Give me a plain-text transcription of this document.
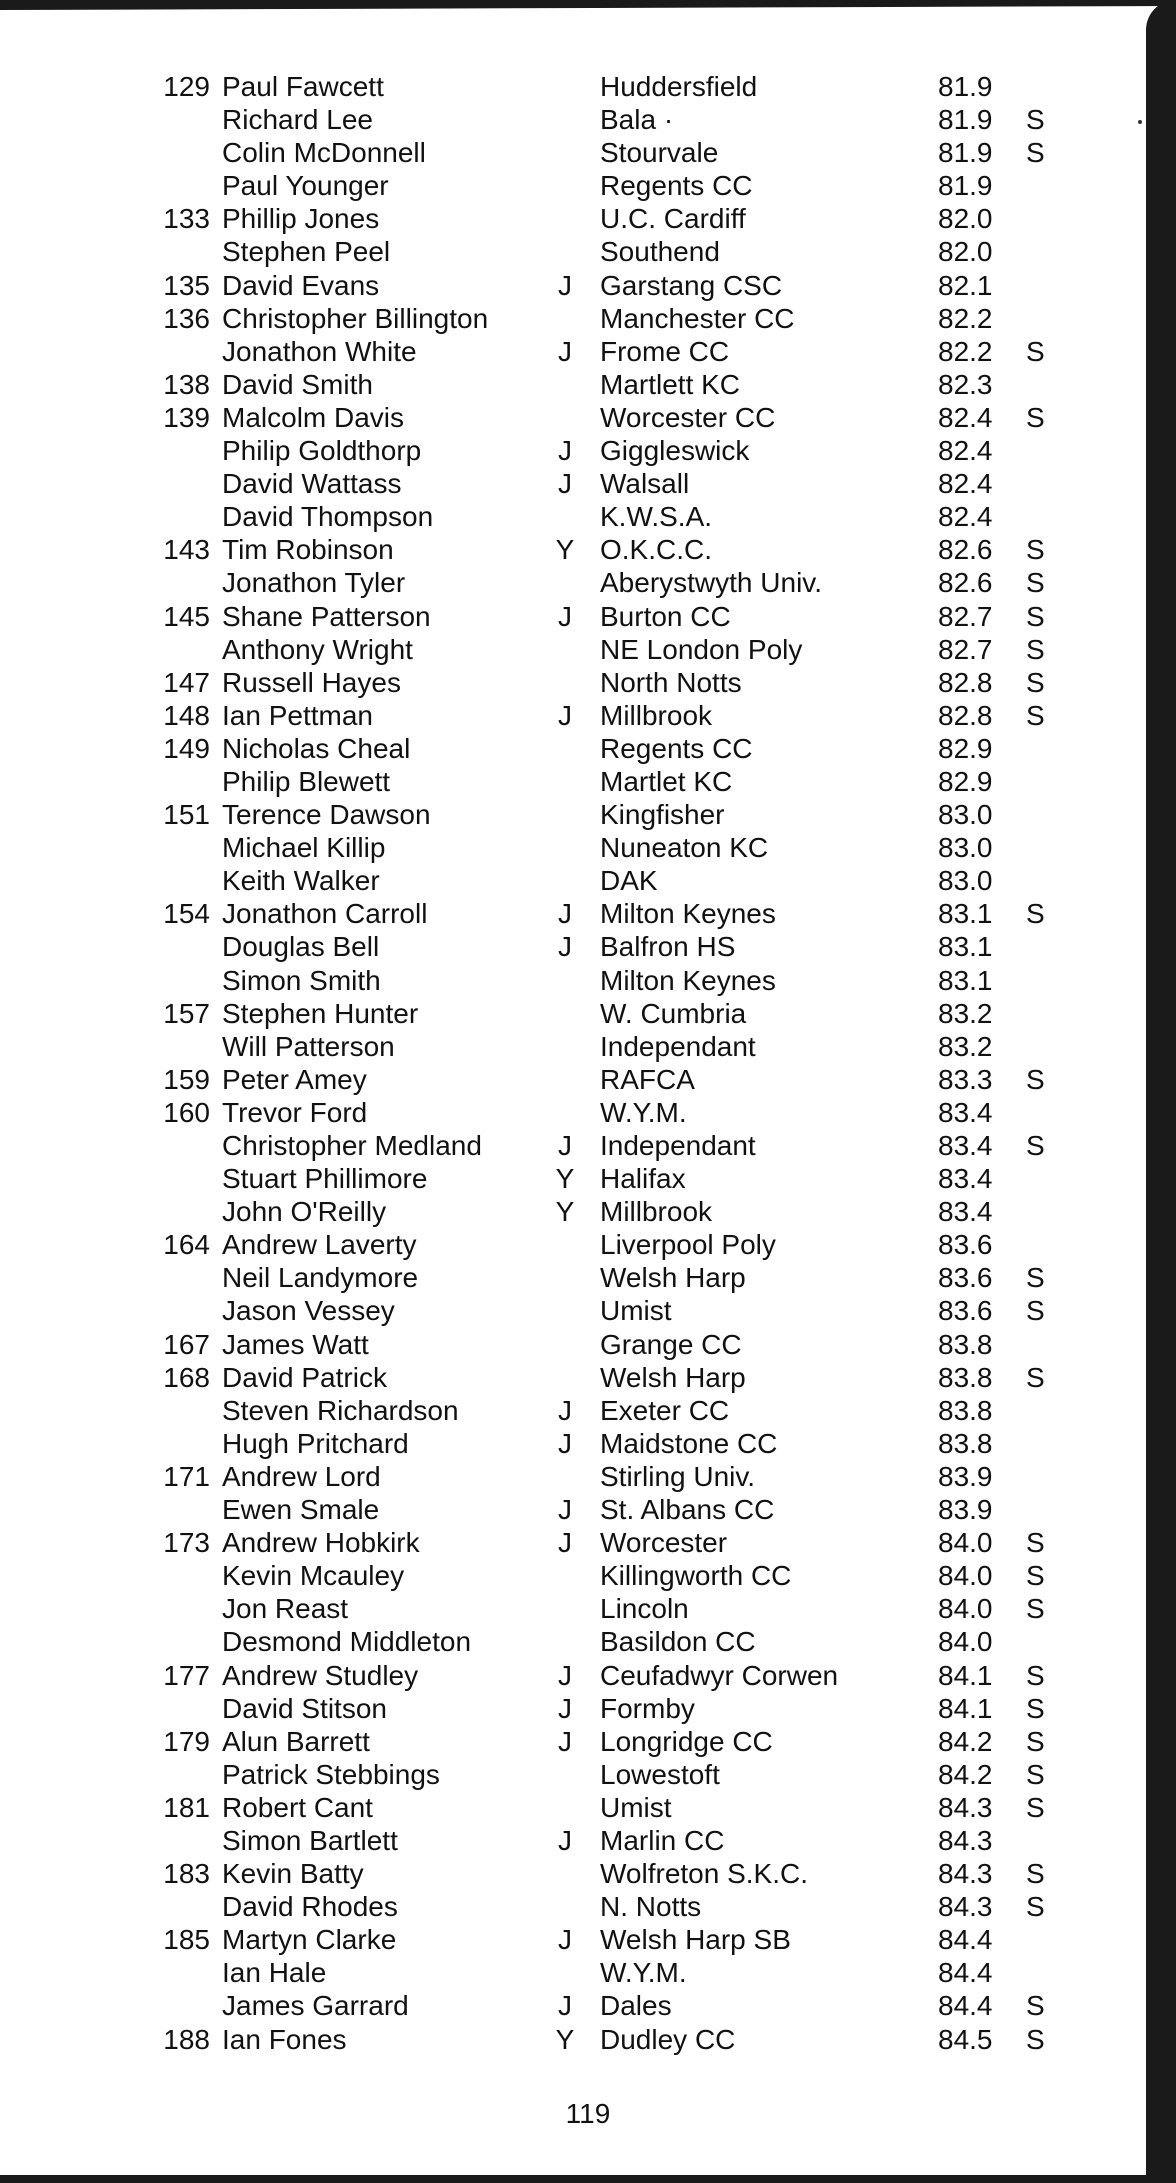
129 Paul Fawcett	Huddersfield	81.9
Richard Lee	Bala ·	81.9 S
Colin McDonnell	Stourvale	81.9 S
Paul Younger	Regents CC	81.9
133 Phillip Jones	U.C. Cardiff	82.0
Stephen Peel	Southend	82.0
135 David Evans	J Garstang CSC	82.1
136 Christopher Billington	Manchester CC	82.2
Jonathon White	J Frome CC	82.2 S
138 David Smith	Martlett KC	82.3
139 Malcolm Davis	Worcester CC	82.4 S
Philip Goldthorp	J Giggleswick	82.4
David Wattass	J Walsall	82.4
David Thompson	K.W.S.A.	82.4
143 Tim Robinson	Y O.K.C.C.	82.6 S
Jonathon Tyler	Aberystwyth Univ.	82.6 S
145 Shane Patterson	J Burton CC	82.7 S
Anthony Wright	NE London Poly	82.7 S
147 Russell Hayes	North Notts	82.8 S
148 Ian Pettman	J Millbrook	82.8 S
149 Nicholas Cheal	Regents CC	82.9
Philip Blewett	Martlet KC	82.9
151 Terence Dawson	Kingfisher	83.0
Michael Killip	Nuneaton KC	83.0
Keith Walker	DAK	83.0
154 Jonathon Carroll	J Milton Keynes	83.1 S
Douglas Bell	J Balfron HS	83.1
Simon Smith	Milton Keynes	83.1
157 Stephen Hunter	W. Cumbria	83.2
Will Patterson	Independant	83.2
159 Peter Amey	RAFCA	83.3 S
160 Trevor Ford	W.Y.M.	83.4
Christopher Medland	J Independant	83.4 S
Stuart Phillimore	Y Halifax	83.4
John O'Reilly	Y Millbrook	83.4
164 Andrew Laverty	Liverpool Poly	83.6
Neil Landymore	Welsh Harp	83.6 S
Jason Vessey	Umist	83.6 S
167 James Watt	Grange CC	83.8
168 David Patrick	Welsh Harp	83.8 S
Steven Richardson	J Exeter CC	83.8
Hugh Pritchard	J Maidstone CC	83.8
171 Andrew Lord	Stirling Univ.	83.9
Ewen Smale	J St. Albans CC	83.9
173 Andrew Hobkirk	J Worcester	84.0 S
Kevin Mcauley	Killingworth CC	84.0 S
Jon Reast	Lincoln	84.0 S
Desmond Middleton	Basildon CC	84.0
177 Andrew Studley	J Ceufadwyr Corwen	84.1 S
David Stitson	J Formby	84.1 S
179 Alun Barrett	J Longridge CC	84.2 S
Patrick Stebbings	Lowestoft	84.2 S
181 Robert Cant	Umist	84.3 S
Simon Bartlett	J Marlin CC	84.3
183 Kevin Batty	Wolfreton S.K.C.	84.3 S
David Rhodes	N. Notts	84.3 S
185 Martyn Clarke	J Welsh Harp SB	84.4
Ian Hale	W.Y.M.	84.4
James Garrard	J Dales	84.4 S
188 Ian Fones	Y Dudley CC	84.5 S
119
